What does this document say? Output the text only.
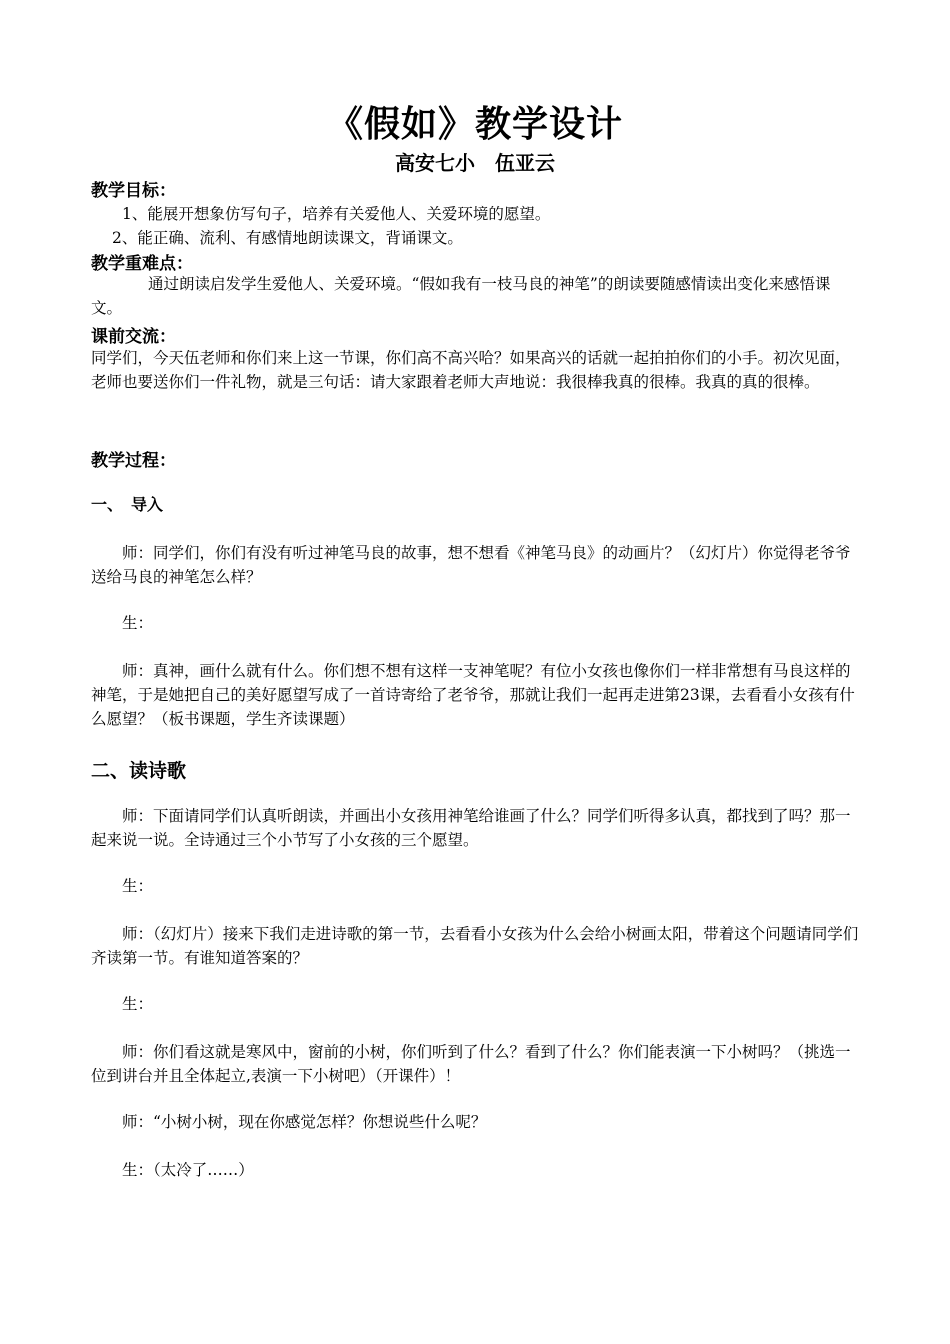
《假如》教学设计
高安七小　伍亚云
教学目标：
1、能展开想象仿写句子，培养有关爱他人、关爱环境的愿望。
2、能正确、流利、有感情地朗读课文，背诵课文。
教学重难点：
通过朗读启发学生爱他人、关爱环境。“假如我有一枝马良的神笔”的朗读要随感情读出变化来感悟课文。
课前交流：
同学们，今天伍老师和你们来上这一节课，你们高不高兴哈？如果高兴的话就一起拍拍你们的小手。初次见面，老师也要送你们一件礼物，就是三句话：请大家跟着老师大声地说：我很棒我真的很棒。我真的真的很棒。
教学过程：
一、　导入
师：同学们，你们有没有听过神笔马良的故事，想不想看《神笔马良》的动画片？（幻灯片）你觉得老爷爷送给马良的神笔怎么样？
生：
师：真神，画什么就有什么。你们想不想有这样一支神笔呢？有位小女孩也像你们一样非常想有马良这样的神笔，于是她把自己的美好愿望写成了一首诗寄给了老爷爷，那就让我们一起再走进第23课，去看看小女孩有什么愿望？（板书课题，学生齐读课题）
二、读诗歌
师：下面请同学们认真听朗读，并画出小女孩用神笔给谁画了什么？同学们听得多认真，都找到了吗？那一起来说一说。全诗通过三个小节写了小女孩的三个愿望。
生：
师：（幻灯片）接来下我们走进诗歌的第一节，去看看小女孩为什么会给小树画太阳，带着这个问题请同学们齐读第一节。有谁知道答案的？
生：
师：你们看这就是寒风中，窗前的小树，你们听到了什么？看到了什么？你们能表演一下小树吗？（挑选一位到讲台并且全体起立,表演一下小树吧）（开课件）！
师：“小树小树，现在你感觉怎样？你想说些什么呢？
生：（太冷了……）
